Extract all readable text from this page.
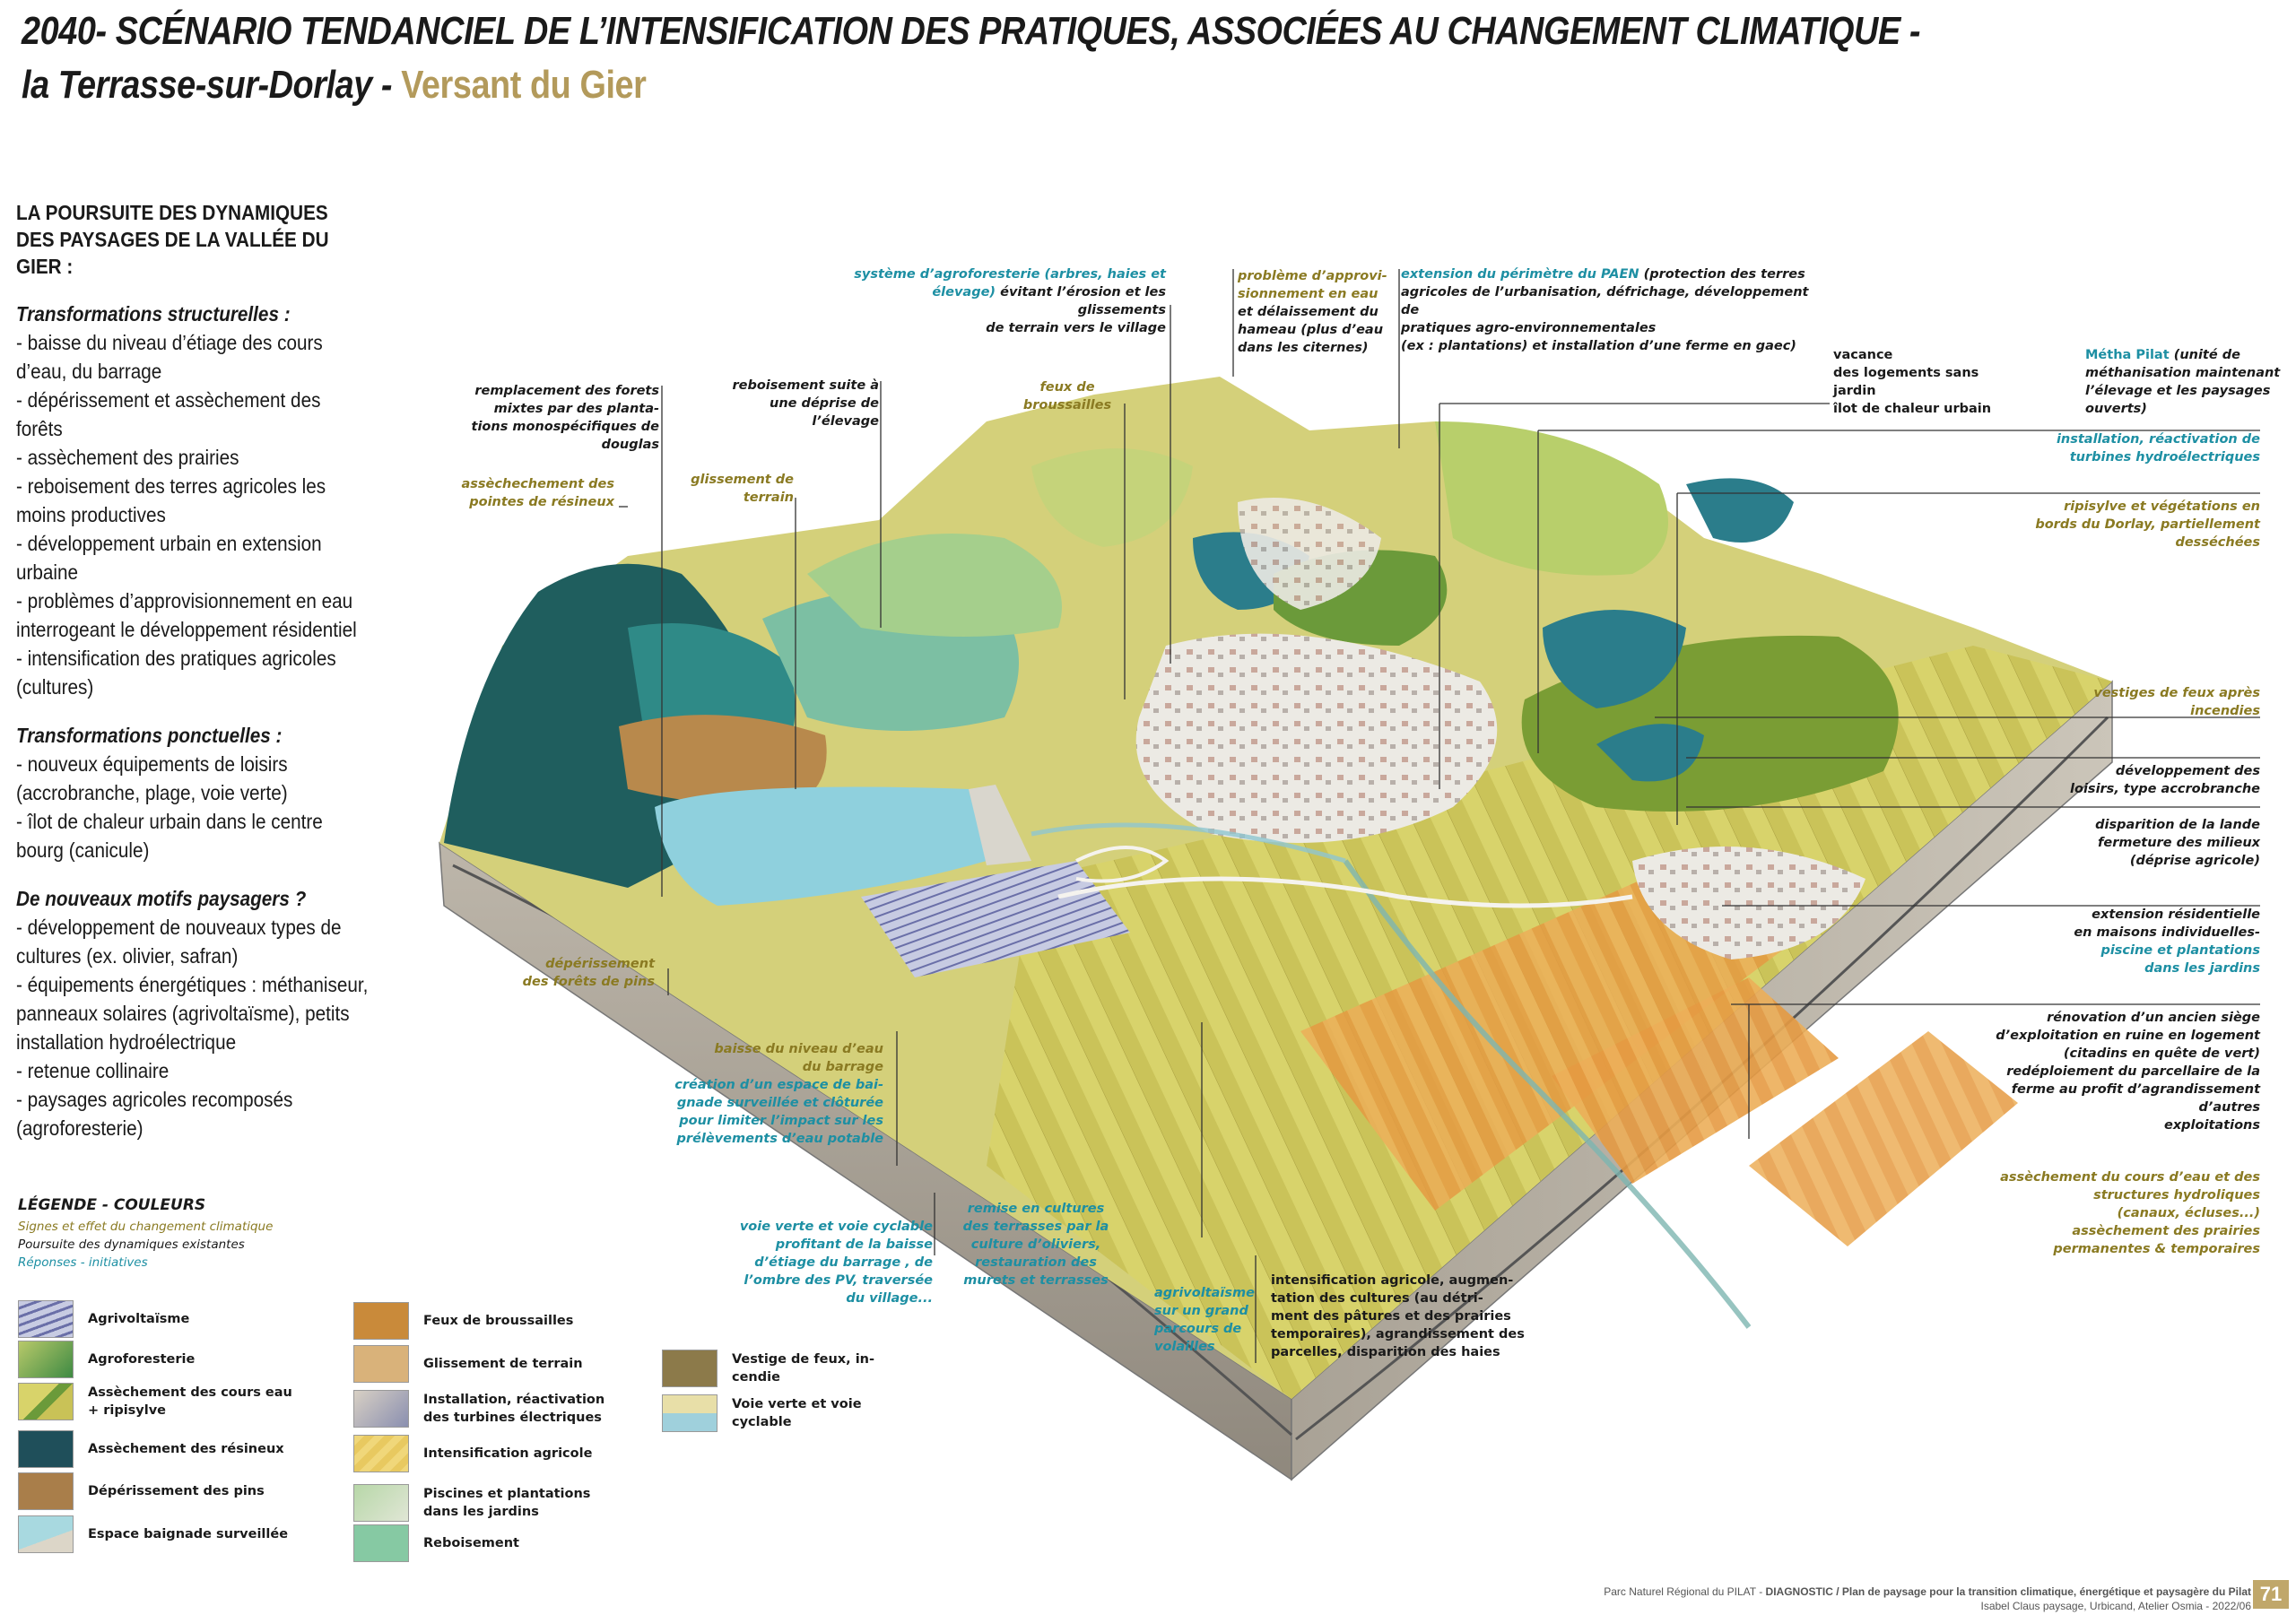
2040- SCÉNARIO TENDANCIEL DE L’INTENSIFICATION DES PRATIQUES, ASSOCIÉES AU CHANGEMENT CLIMATIQUE -
la Terrasse-sur-Dorlay - Versant du Gier
LA POURSUITE DES DYNAMIQUES
DES PAYSAGES DE LA VALLÉE DU GIER :
Transformations structurelles :
- baisse du niveau d’étiage des cours d’eau, du barrage
- dépérissement et assèchement des forêts
- assèchement des prairies
- reboisement des terres agricoles les moins productives
- développement urbain en extension urbaine
- problèmes d’approvisionnement en eau interrogeant le développement résidentiel
- intensification des pratiques agricoles (cultures)
Transformations ponctuelles :
- nouveux équipements de loisirs (accrobranche, plage, voie verte)
- îlot de chaleur urbain dans le centre bourg (canicule)
De nouveaux motifs paysagers ?
- développement de nouveaux types de cultures (ex. olivier, safran)
- équipements énergétiques : méthaniseur, panneaux solaires (agrivoltaïsme), petits installation hydroélectrique
- retenue collinaire
- paysages agricoles recomposés (agroforesterie)
LÉGENDE - COULEURS
Signes et effet du changement climatique
Poursuite des dynamiques existantes
Réponses - initiatives
Agrivoltaïsme
Agroforesterie
Assèchement des cours eau + ripisylve
Assèchement des résineux
Dépérissement des pins
Espace baignade surveillée
Feux de broussailles
Glissement de terrain
Installation, réactivation des turbines électriques
Intensification agricole
Piscines et plantations dans les jardins
Reboisement
Vestige de feux, in-cendie
Voie verte et voie cyclable
remplacement des forets
mixtes par des planta-
tions monospécifiques de
douglas
assèchechement des
pointes de résineux
reboisement suite à
une déprise de
l’élevage
glissement de
terrain
système d’agroforesterie (arbres, haies et
élevage) évitant l’érosion et les glissements
de terrain vers le village
feux de
broussailles
problème d’approvi-
sionnement en eau
et délaissement du
hameau (plus d’eau
dans les citernes)
extension du périmètre du PAEN (protection des terres
agricoles de l’urbanisation, défrichage, développement de
pratiques agro-environnementales
(ex : plantations) et installation d’une ferme en gaec)
vacance
des logements sans jardin
îlot de chaleur urbain
Métha Pilat (unité de
méthanisation maintenant
l’élevage et les paysages
ouverts)
installation, réactivation de
turbines hydroélectriques
ripisylve et végétations en
bords du Dorlay, partiellement
desséchées
vestiges de feux après
incendies
développement des
loisirs, type accrobranche
disparition de la lande
fermeture des milieux
(déprise agricole)
extension résidentielle
en maisons individuelles-
piscine et plantations
dans les jardins
rénovation d’un ancien siège
d’exploitation en ruine en logement
(citadins en quête de vert)
redéploiement du parcellaire de la
ferme au profit d’agrandissement
d’autres
exploitations
assèchement du cours d’eau et des
structures hydroliques
(canaux, écluses...)
assèchement des prairies
permanentes & temporaires
dépérissement
des forêts de pins
baisse du niveau d’eau
du barrage
création d’un espace de bai-
gnade surveillée et clôturée
pour limiter l’impact sur les
prélèvements d’eau potable
voie verte et voie cyclable
profitant de la baisse
d’étiage du barrage , de
l’ombre des PV, traversée
du village...
remise en cultures
des terrasses par la
culture d’oliviers,
restauration des
murets et terrasses
agrivoltaïsme
sur un grand
parcours de
volailles
intensification agricole, augmen-
tation des cultures (au détri-
ment des pâtures et des prairies
temporaires), agrandissement des
parcelles, disparition des haies
Parc Naturel Régional du PILAT - DIAGNOSTIC / Plan de paysage pour la transition climatique, énergétique et paysagère du Pilat
Isabel Claus paysage, Urbicand, Atelier Osmia - 2022/06
71
